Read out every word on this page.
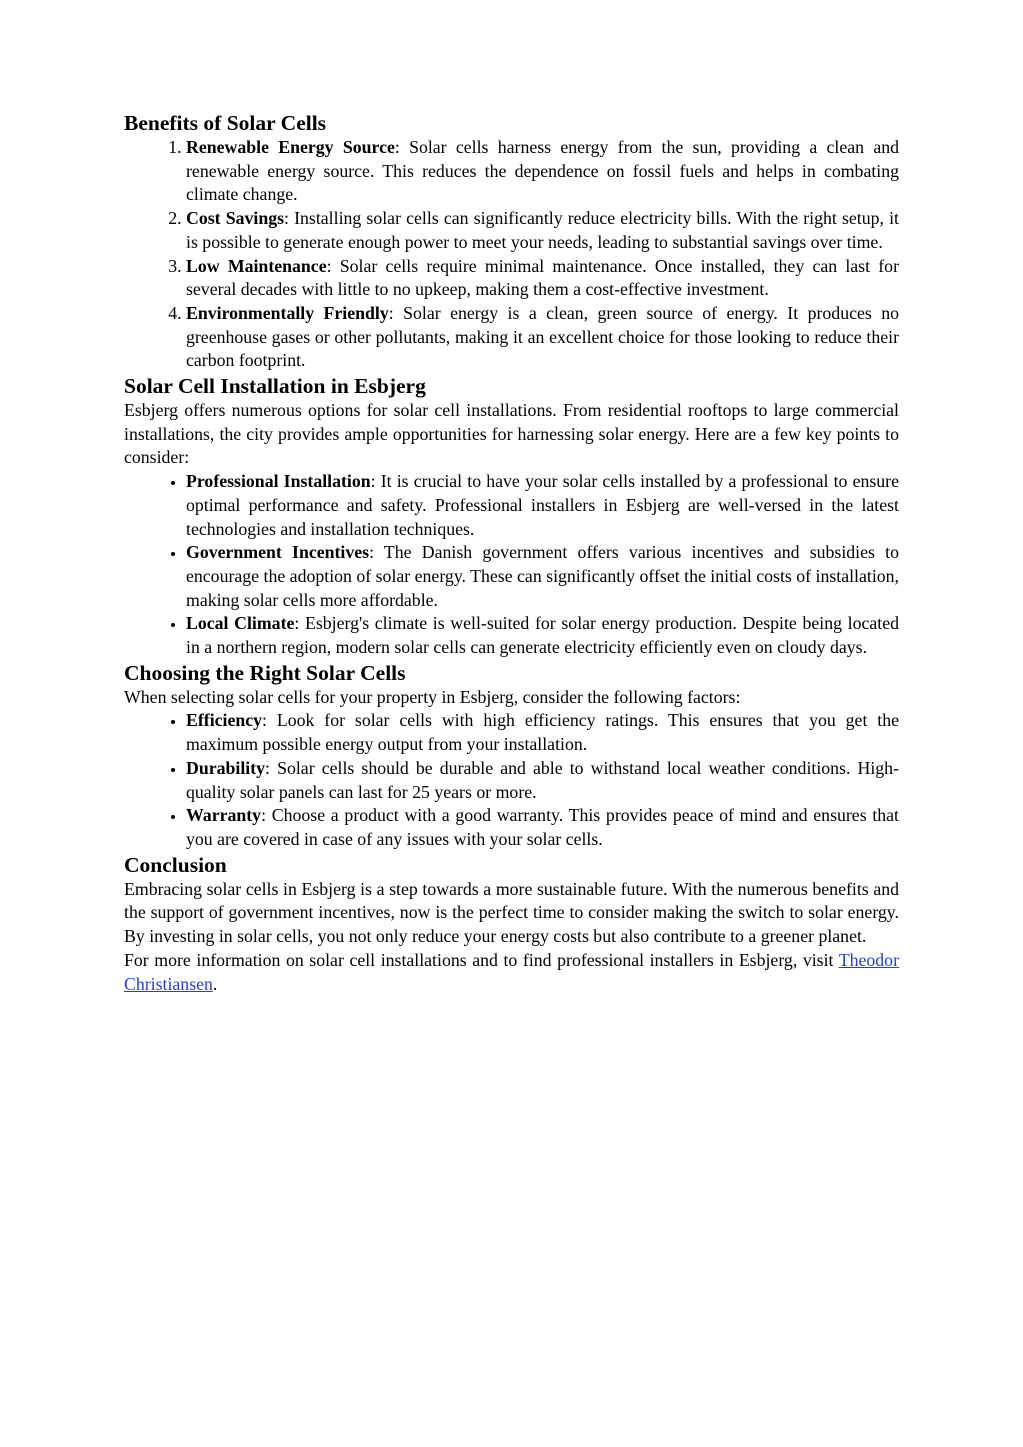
Benefits of Solar Cells
1. Renewable Energy Source: Solar cells harness energy from the sun, providing a clean and renewable energy source. This reduces the dependence on fossil fuels and helps in combating climate change.
2. Cost Savings: Installing solar cells can significantly reduce electricity bills. With the right setup, it is possible to generate enough power to meet your needs, leading to substantial savings over time.
3. Low Maintenance: Solar cells require minimal maintenance. Once installed, they can last for several decades with little to no upkeep, making them a cost-effective investment.
4. Environmentally Friendly: Solar energy is a clean, green source of energy. It produces no greenhouse gases or other pollutants, making it an excellent choice for those looking to reduce their carbon footprint.
Solar Cell Installation in Esbjerg

Esbjerg offers numerous options for solar cell installations. From residential rooftops to large commercial installations, the city provides ample opportunities for harnessing solar energy. Here are a few key points to consider:

• Professional Installation: It is crucial to have your solar cells installed by a professional to ensure optimal performance and safety. Professional installers in Esbjerg are well-versed in the latest technologies and installation techniques.
• Government Incentives: The Danish government offers various incentives and subsidies to encourage the adoption of solar energy. These can significantly offset the initial costs of installation, making solar cells more affordable.
• Local Climate: Esbjerg's climate is well-suited for solar energy production. Despite being located in a northern region, modern solar cells can generate electricity efficiently even on cloudy days.
Choosing the Right Solar Cells

When selecting solar cells for your property in Esbjerg, consider the following factors:

• Efficiency: Look for solar cells with high efficiency ratings. This ensures that you get the maximum possible energy output from your installation.
• Durability: Solar cells should be durable and able to withstand local weather conditions. High-quality solar panels can last for 25 years or more.
• Warranty: Choose a product with a good warranty. This provides peace of mind and ensures that you are covered in case of any issues with your solar cells.
Conclusion

Embracing solar cells in Esbjerg is a step towards a more sustainable future. With the numerous benefits and the support of government incentives, now is the perfect time to consider making the switch to solar energy. By investing in solar cells, you not only reduce your energy costs but also contribute to a greener planet.

For more information on solar cell installations and to find professional installers in Esbjerg, visit Theodor Christiansen.
